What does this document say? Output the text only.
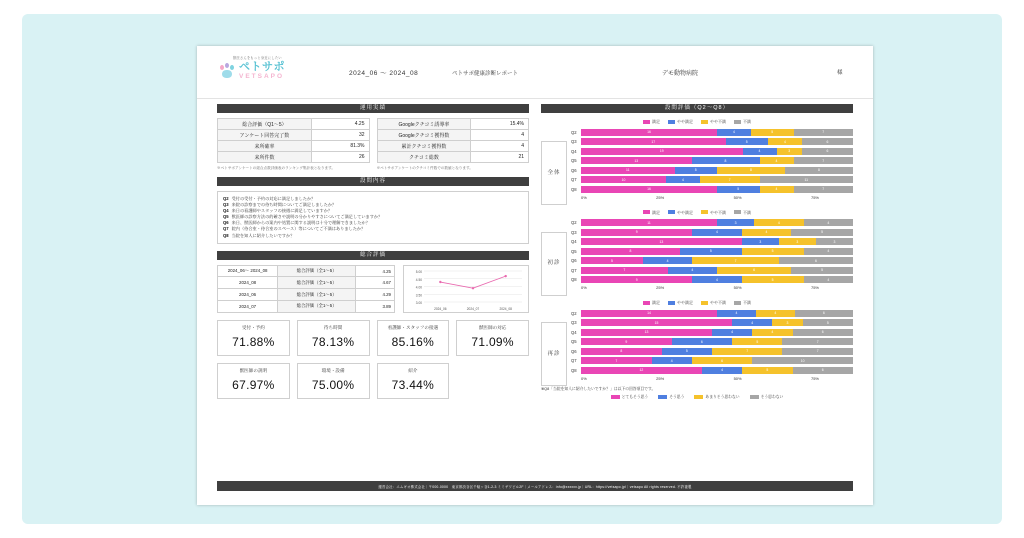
獣医さんをもっと身近にしたい
ペトサポ
VETSAPO	2024_06 〜 2024_08	ペトサポ健康診断レポート	デモ動物病院	様
運用実績
総合評価（Q1〜5）	4.25
アンケート回答完了数	32
来所確率	81.3%
来所件数	26
Googleクチコミ誘導率	15.4%
Googleクチコミ獲得数	4
累計クチコミ獲得数	4
クチコミ総数	21
※ペトサポアンケートの総合点数評価表のランキング集計表となります。	※ペトサポアンケートのクチコミ件数での数値となります。
設問内容
Q2 受付の受付・予約の対応に満足しましたか？
Q3 来院の診察までの待ち時間についてご満足しましたか？
Q4 来日の看護師やスタッフの接遇に満足していますか？
Q5 獣医師の診察方法の的確さや説明の分かりやすさについてご満足していますか？
Q6 来日、獣医師からの案内や処置に関する説明は十分で理解できましたか？
Q7 院内（待合室・待合室のスペース）等についてご不満はありましたか？
Q8 当院を知人に紹介したいですか？
総合評価
2024_06〜 2024_08	総合評価（全1〜5）	4.25
2024_08	総合評価（全1〜5）	4.67
2024_06	総合評価（全1〜5）	4.29
2024_07	総合評価（全1〜5）	3.89
5.00
4.50
4.00
3.50
3.00
2024_06	2024_07	2024_08
受付・予約
71.88%
待ち時間
78.13%
看護師・スタッフの接遇
85.16%
獣医師の対応
71.09%
獣医師の説明
67.97%
環境・設備
75.00%
紹介
73.44%
設問評価（Q2〜Q8）
全体
満足	やや満足	やや不満	不満
Q2	16	4	5	7
Q3	17	5	4	6
Q4	19	4	3	6
Q5	13	8	4	7
Q6	11	5	8	8
Q7	10	4	7	11
Q8	16	5	4	7
0%	25%	50%	75%
初診
満足	やや満足	やや不満	不満
Q2	11	3	4	4
Q3	9	4	4	5
Q4	13	3	3	3
Q5	8	5	5	4
Q6	5	4	7	6
Q7	7	4	6	5
Q8	9	4	5	4
0%	25%	50%	75%
再診
満足	やや満足	やや不満	不満
Q2	14	4	4	6
Q3	15	4	3	5
Q4	13	4	4	6
Q5	9	6	5	7
Q6	8	5	7	7
Q7	7	4	6	10
Q8	12	4	5	6
0%	25%	50%	75%
※Q8「当院を知人に紹介したいですか？」は以下の回答項目です。
とてもそう思う	そう思う	あまりそう思わない	そう思わない
運営会社：エムギオ株式会社｜〒000-0000　東京都渋谷区千駄ヶ谷1-2-3 ミミザワビル2F｜メールアドレス：info@xxxxxx.jp｜URL：https://vetsapo.jp/｜vetsapo All rights reserved. 不許複製
